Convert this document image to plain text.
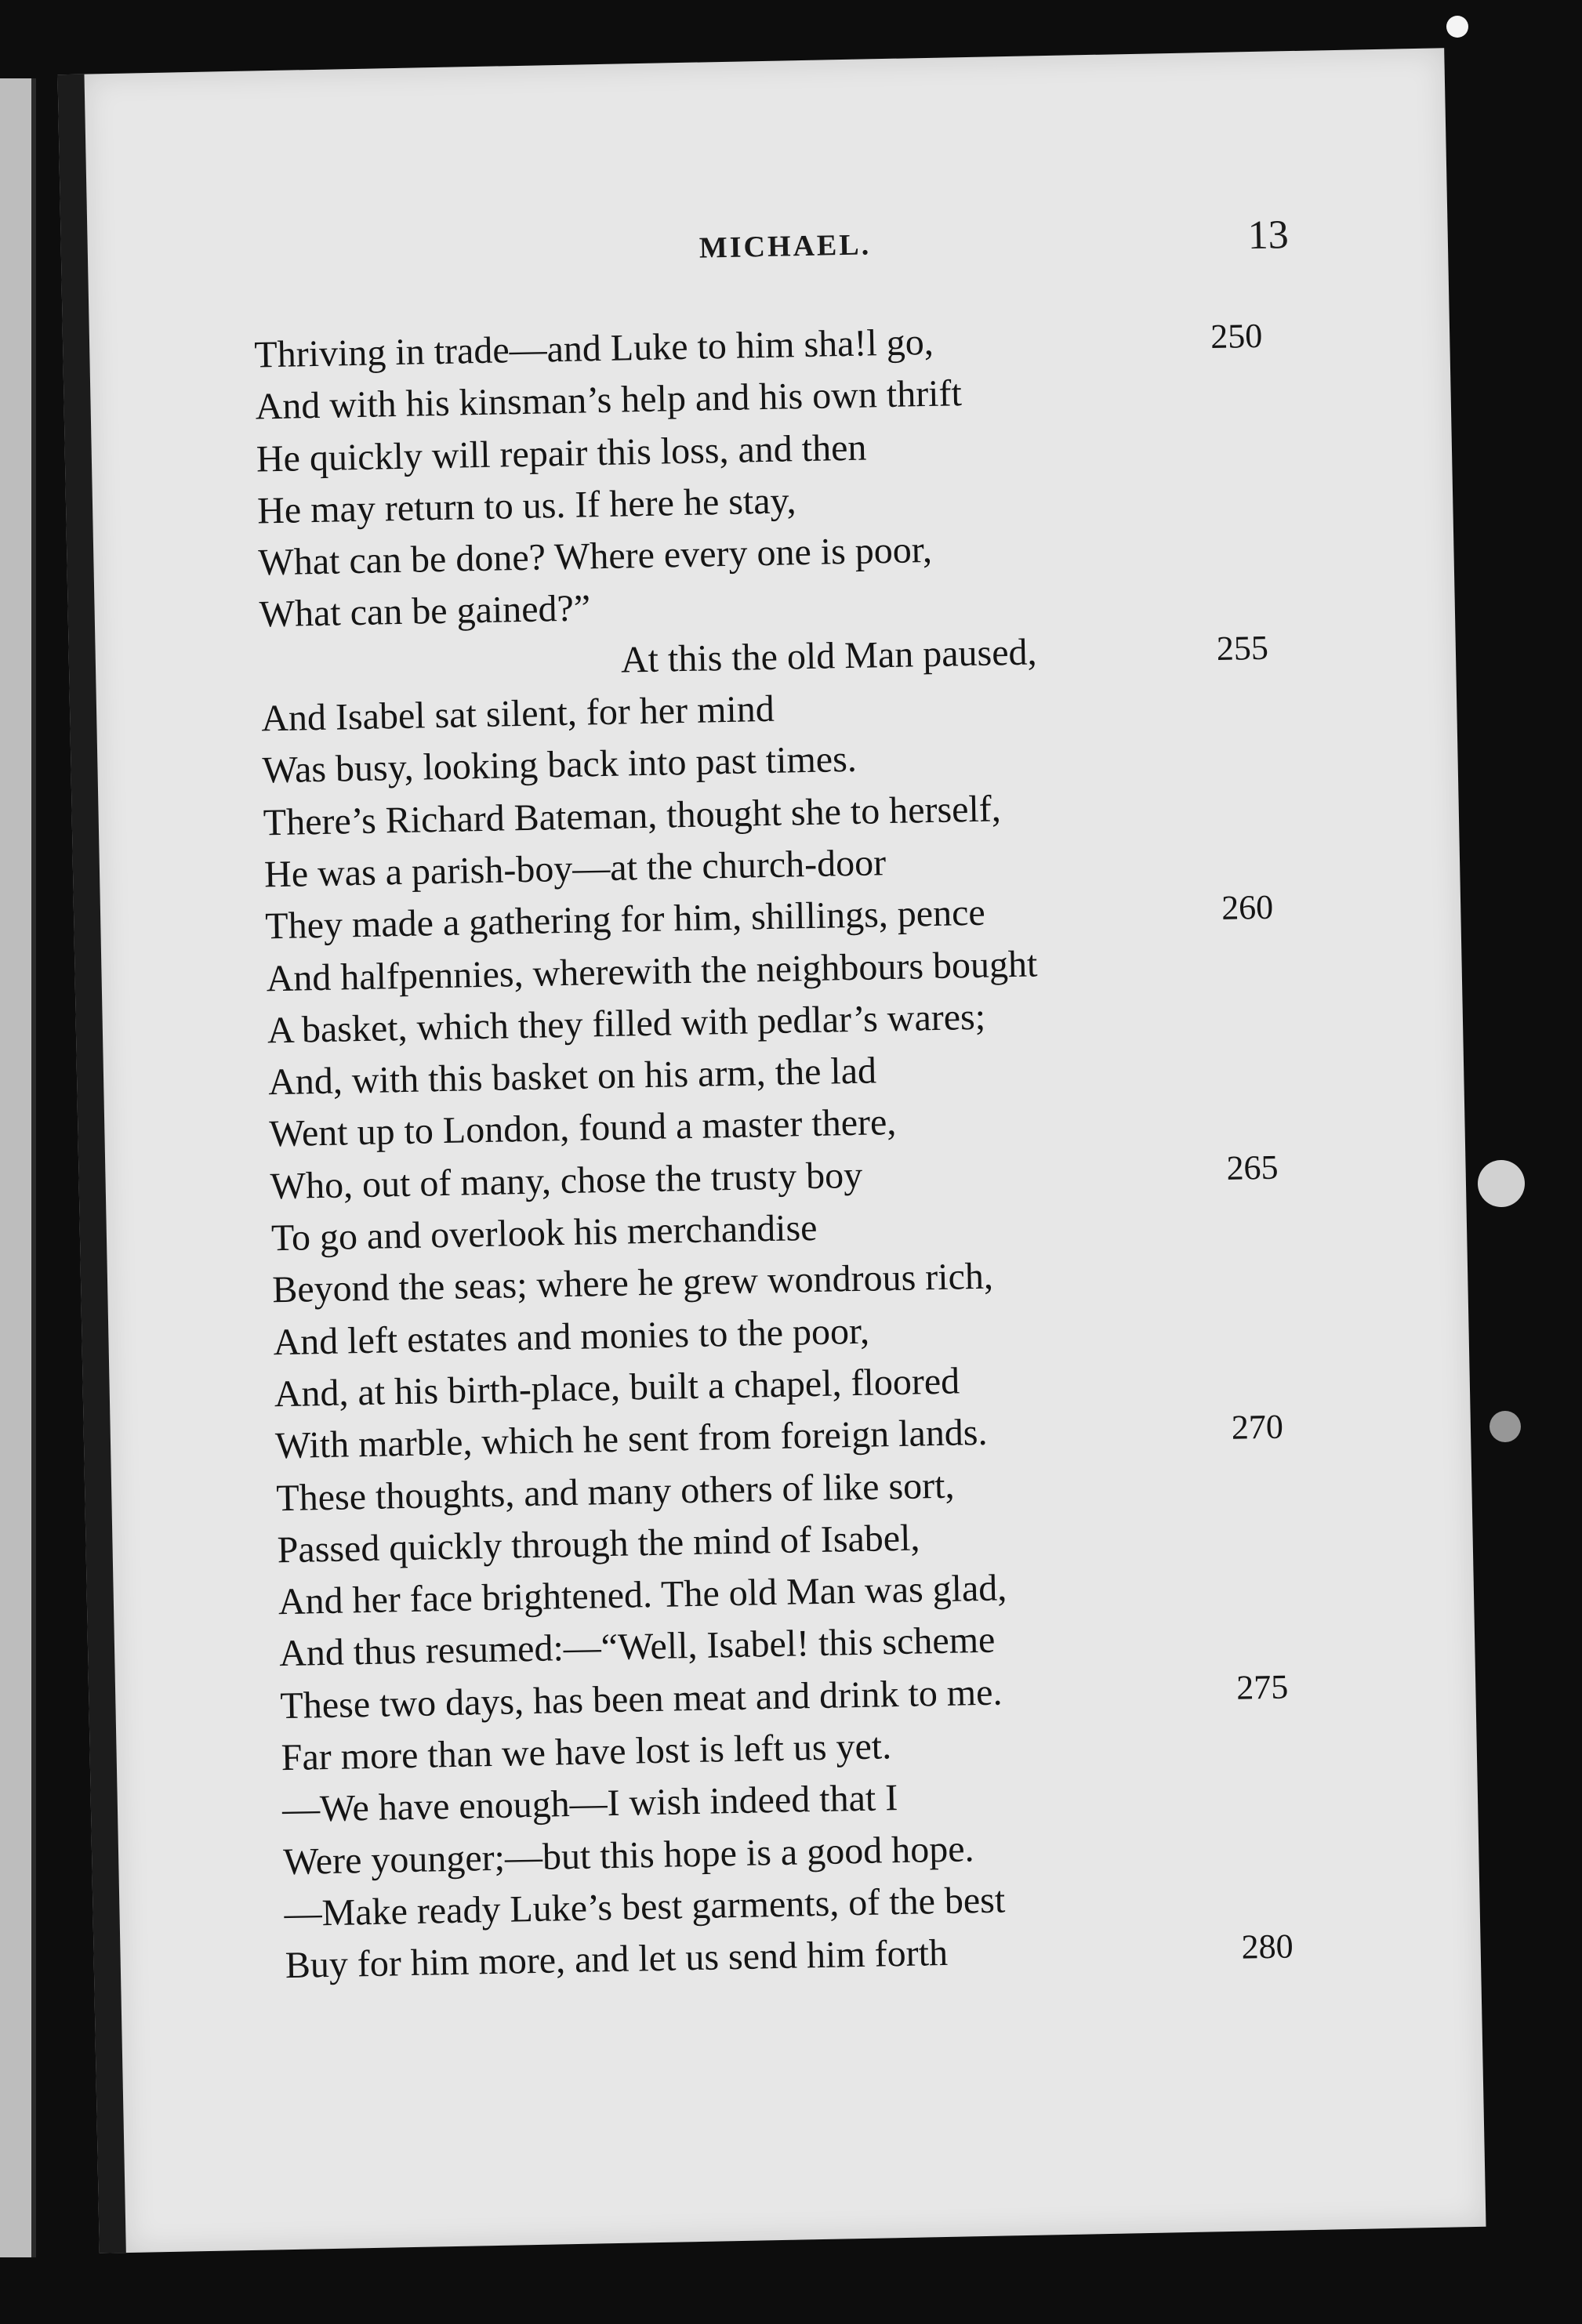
MICHAEL.	13
Thriving in trade—and Luke to him sha!l go,	250
And with his kinsman’s help and his own thrift
He quickly will repair this loss, and then
He may return to us. If here he stay,
What can be done? Where every one is poor,
What can be gained?”
At this the old Man paused,	255
And Isabel sat silent, for her mind
Was busy, looking back into past times.
There’s Richard Bateman, thought she to herself,
He was a parish-boy—at the church-door
They made a gathering for him, shillings, pence	260
And halfpennies, wherewith the neighbours bought
A basket, which they filled with pedlar’s wares;
And, with this basket on his arm, the lad
Went up to London, found a master there,
Who, out of many, chose the trusty boy	265
To go and overlook his merchandise
Beyond the seas; where he grew wondrous rich,
And left estates and monies to the poor,
And, at his birth-place, built a chapel, floored
With marble, which he sent from foreign lands.	270
These thoughts, and many others of like sort,
Passed quickly through the mind of Isabel,
And her face brightened. The old Man was glad,
And thus resumed:—“Well, Isabel! this scheme
These two days, has been meat and drink to me.	275
Far more than we have lost is left us yet.
—We have enough—I wish indeed that I
Were younger;—but this hope is a good hope.
—Make ready Luke’s best garments, of the best
Buy for him more, and let us send him forth	280
